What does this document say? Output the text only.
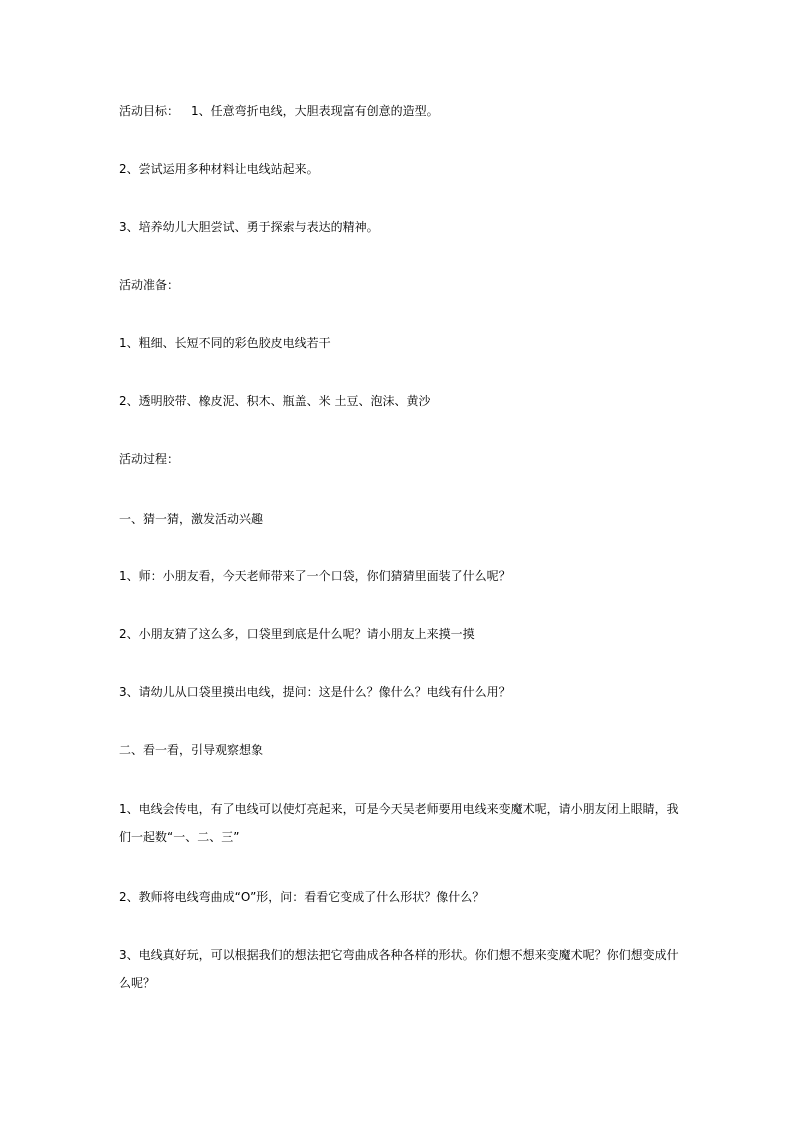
活动目标： 1、任意弯折电线，大胆表现富有创意的造型。

2、尝试运用多种材料让电线站起来。

3、培养幼儿大胆尝试、勇于探索与表达的精神。

活动准备：

1、粗细、长短不同的彩色胶皮电线若干

2、透明胶带、橡皮泥、积木、瓶盖、米 土豆、泡沫、黄沙

活动过程：

一、猜一猜，激发活动兴趣

1、师：小朋友看，今天老师带来了一个口袋，你们猜猜里面装了什么呢？

2、小朋友猜了这么多，口袋里到底是什么呢？请小朋友上来摸一摸

3、请幼儿从口袋里摸出电线，提问：这是什么？像什么？电线有什么用？

二、看一看，引导观察想象

1、电线会传电，有了电线可以使灯亮起来，可是今天吴老师要用电线来变魔术呢，请小朋友闭上眼睛，我们一起数“一、二、三”

2、教师将电线弯曲成“O”形，问：看看它变成了什么形状？像什么？

3、电线真好玩，可以根据我们的想法把它弯曲成各种各样的形状。你们想不想来变魔术呢？你们想变成什么呢？
